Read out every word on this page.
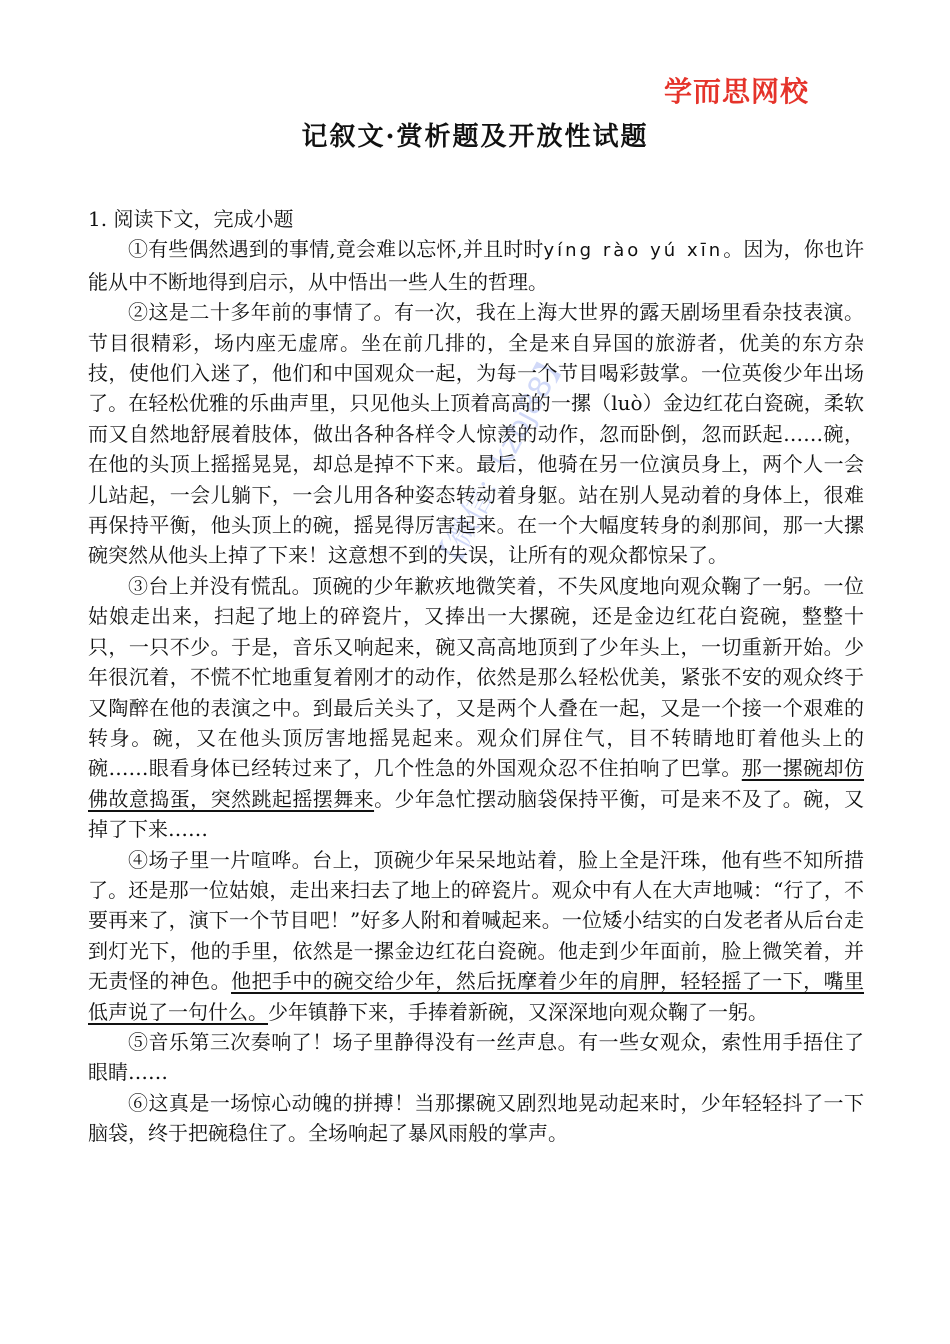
学而思网校
记叙文·赏析题及开放性试题
【微信：kzbj88】

1. 阅读下文，完成小题

①有些偶然遇到的事情,竟会难以忘怀,并且时时yíng rào yú xīn。因为，你也许能从中不断地得到启示，从中悟出一些人生的哲理。

②这是二十多年前的事情了。有一次，我在上海大世界的露天剧场里看杂技表演。节目很精彩，场内座无虚席。坐在前几排的，全是来自异国的旅游者，优美的东方杂技，使他们入迷了，他们和中国观众一起，为每一个节目喝彩鼓掌。一位英俊少年出场了。在轻松优雅的乐曲声里，只见他头上顶着高高的一摞（luò）金边红花白瓷碗，柔软而又自然地舒展着肢体，做出各种各样令人惊羡的动作，忽而卧倒，忽而跃起……碗，在他的头顶上摇摇晃晃，却总是掉不下来。最后，他骑在另一位演员身上，两个人一会儿站起，一会儿躺下，一会儿用各种姿态转动着身躯。站在别人晃动着的身体上，很难再保持平衡，他头顶上的碗，摇晃得厉害起来。在一个大幅度转身的刹那间，那一大摞碗突然从他头上掉了下来！这意想不到的失误，让所有的观众都惊呆了。

③台上并没有慌乱。顶碗的少年歉疚地微笑着，不失风度地向观众鞠了一躬。一位姑娘走出来，扫起了地上的碎瓷片，又捧出一大摞碗，还是金边红花白瓷碗，整整十只，一只不少。于是，音乐又响起来，碗又高高地顶到了少年头上，一切重新开始。少年很沉着，不慌不忙地重复着刚才的动作，依然是那么轻松优美，紧张不安的观众终于又陶醉在他的表演之中。到最后关头了，又是两个人叠在一起，又是一个接一个艰难的转身。碗，又在他头顶厉害地摇晃起来。观众们屏住气，目不转睛地盯着他头上的碗……眼看身体已经转过来了，几个性急的外国观众忍不住拍响了巴掌。那一摞碗却仿佛故意捣蛋，突然跳起摇摆舞来。少年急忙摆动脑袋保持平衡，可是来不及了。碗，又掉了下来……

④场子里一片喧哗。台上，顶碗少年呆呆地站着，脸上全是汗珠，他有些不知所措了。还是那一位姑娘，走出来扫去了地上的碎瓷片。观众中有人在大声地喊：“行了，不要再来了，演下一个节目吧！”好多人附和着喊起来。一位矮小结实的白发老者从后台走到灯光下，他的手里，依然是一摞金边红花白瓷碗。他走到少年面前，脸上微笑着，并无责怪的神色。他把手中的碗交给少年，然后抚摩着少年的肩胛，轻轻摇了一下，嘴里低声说了一句什么。少年镇静下来，手捧着新碗，又深深地向观众鞠了一躬。

⑤音乐第三次奏响了！场子里静得没有一丝声息。有一些女观众，索性用手捂住了眼睛……

⑥这真是一场惊心动魄的拼搏！当那摞碗又剧烈地晃动起来时，少年轻轻抖了一下脑袋，终于把碗稳住了。全场响起了暴风雨般的掌声。
